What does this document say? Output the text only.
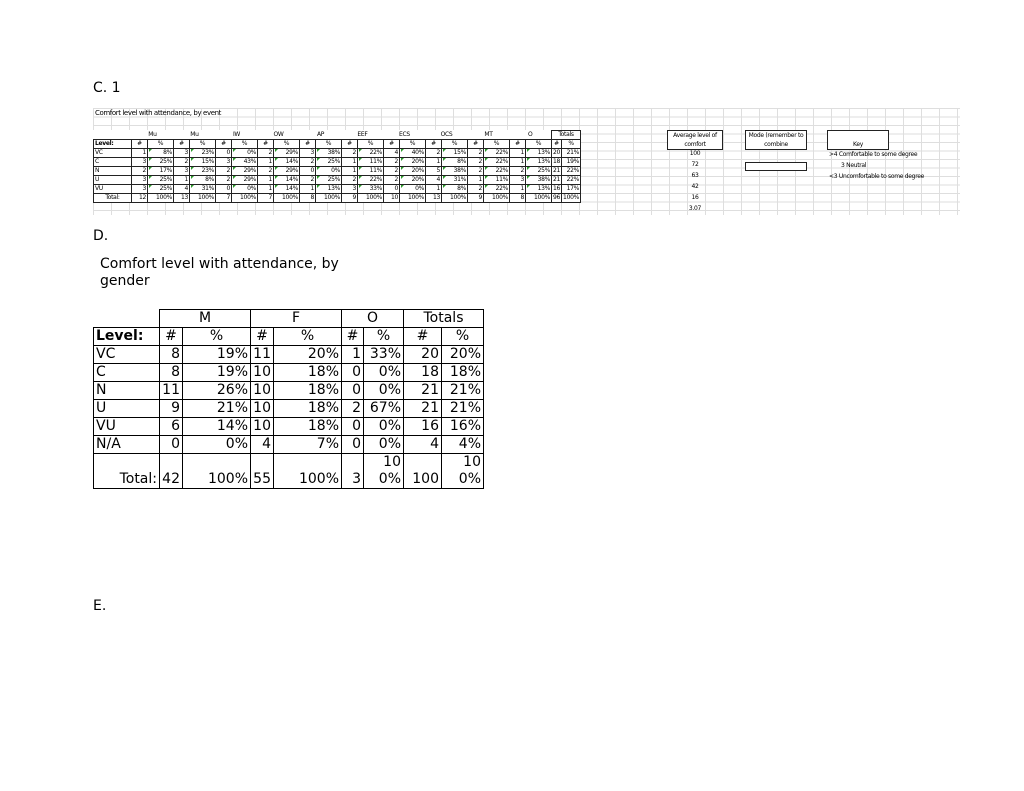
C. 1
Comfort level with attendance, by event
	Mu		Mu		IW		OW		AP		EEF		ECS		OCS		MT		O		Totals	
Level:	#	%	#	%	#	%	#	%	#	%	#	%	#	%	#	%	#	%	#	%	#	%
VC	1	8%	3	23%	0	0%	2	29%	3	38%	2	22%	4	40%	2	15%	2	22%	1	13%	20	21%
C	3	25%	2	15%	3	43%	1	14%	2	25%	1	11%	2	20%	1	8%	2	22%	1	13%	18	19%
N	2	17%	3	23%	2	29%	2	29%	0	0%	1	11%	2	20%	5	38%	2	22%	2	25%	21	22%
U	3	25%	1	8%	2	29%	1	14%	2	25%	2	22%	2	20%	4	31%	1	11%	3	38%	21	22%
VU	3	25%	4	31%	0	0%	1	14%	1	13%	3	33%	0	0%	1	8%	2	22%	1	13%	16	17%
Total:	12	100%	13	100%	7	100%	7	100%	8	100%	9	100%	10	100%	13	100%	9	100%	8	100%	96	100%
Average level of comfort
Mode (remember to combine	Key
100
72
63
42
16
3.07
>4 Comfortable to some degree
3 Neutral
<3 Uncomfortable to some degree
D.
Comfort level with attendance, by gender
	M		F		O		Totals	
Level:	#	%	#	%	#	%	#	%
VC	8	19%	11	20%	1	33%	20	20%
C	8	19%	10	18%	0	0%	18	18%
N	11	26%	10	18%	0	0%	21	21%
U	9	21%	10	18%	2	67%	21	21%
VU	6	14%	10	18%	0	0%	16	16%
N/A	0	0%	4	7%	0	0%	4	4%
Total:	42	100%	55	100%	3	100%	100	100%
E.
